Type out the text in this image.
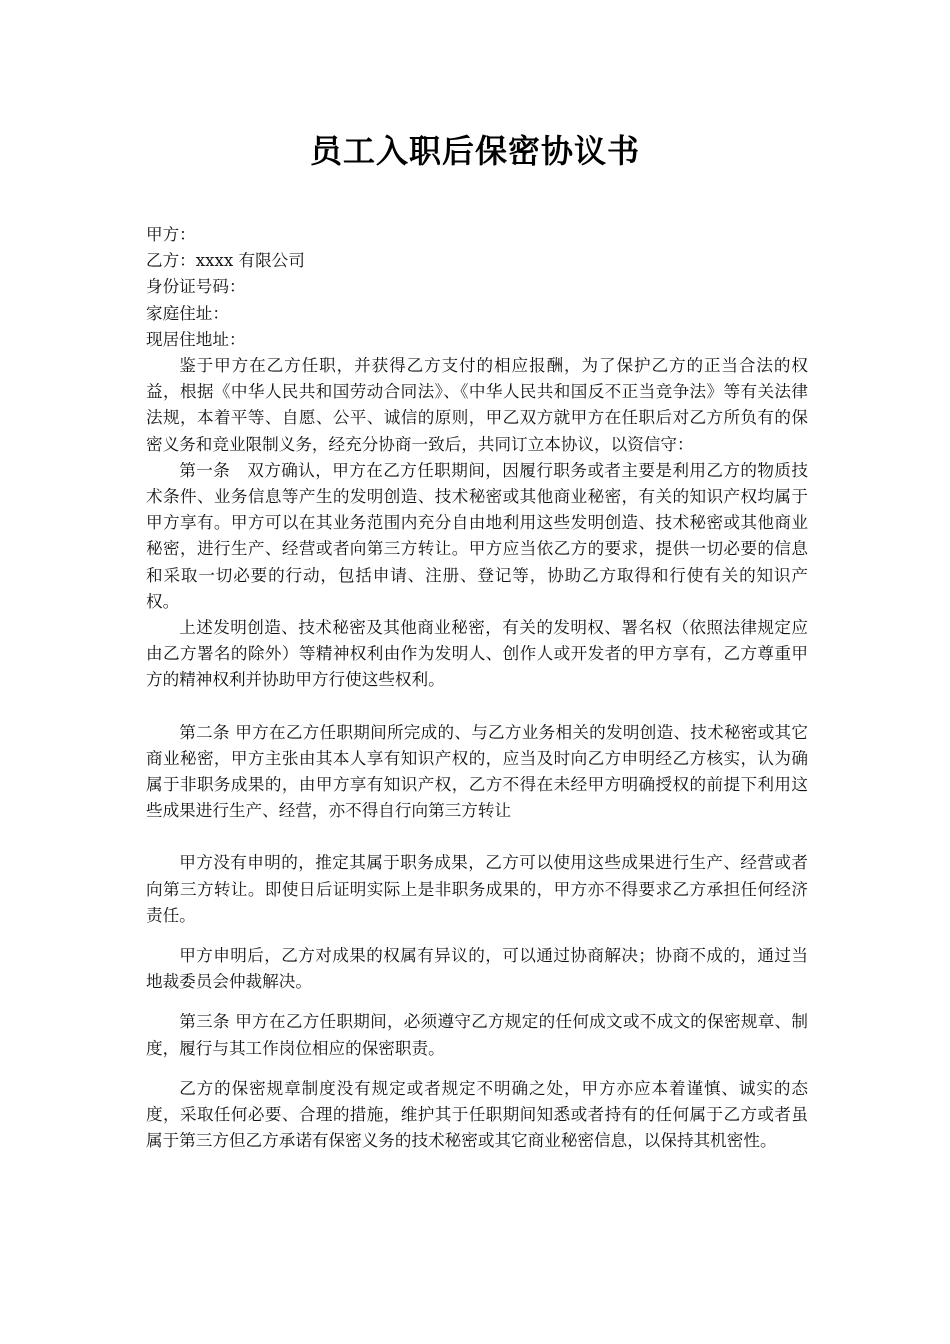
员工入职后保密协议书

甲方：

乙方：xxxx 有限公司

身份证号码：

家庭住址：

现居住地址：

鉴于甲方在乙方任职，并获得乙方支付的相应报酬，为了保护乙方的正当合法的权益，根据《中华人民共和国劳动合同法》、《中华人民共和国反不正当竞争法》等有关法律法规，本着平等、自愿、公平、诚信的原则，甲乙双方就甲方在任职后对乙方所负有的保密义务和竞业限制义务，经充分协商一致后，共同订立本协议，以资信守：

第一条　双方确认，甲方在乙方任职期间，因履行职务或者主要是利用乙方的物质技术条件、业务信息等产生的发明创造、技术秘密或其他商业秘密，有关的知识产权均属于甲方享有。甲方可以在其业务范围内充分自由地利用这些发明创造、技术秘密或其他商业秘密，进行生产、经营或者向第三方转让。甲方应当依乙方的要求，提供一切必要的信息和采取一切必要的行动，包括申请、注册、登记等，协助乙方取得和行使有关的知识产权。

上述发明创造、技术秘密及其他商业秘密，有关的发明权、署名权（依照法律规定应由乙方署名的除外）等精神权利由作为发明人、创作人或开发者的甲方享有，乙方尊重甲方的精神权利并协助甲方行使这些权利。

第二条 甲方在乙方任职期间所完成的、与乙方业务相关的发明创造、技术秘密或其它商业秘密，甲方主张由其本人享有知识产权的，应当及时向乙方申明经乙方核实，认为确属于非职务成果的，由甲方享有知识产权，乙方不得在未经甲方明确授权的前提下利用这些成果进行生产、经营，亦不得自行向第三方转让

甲方没有申明的，推定其属于职务成果，乙方可以使用这些成果进行生产、经营或者向第三方转让。即使日后证明实际上是非职务成果的，甲方亦不得要求乙方承担任何经济责任。

甲方申明后，乙方对成果的权属有异议的，可以通过协商解决；协商不成的，通过当地裁委员会仲裁解决。

第三条 甲方在乙方任职期间，必须遵守乙方规定的任何成文或不成文的保密规章、制度，履行与其工作岗位相应的保密职责。

乙方的保密规章制度没有规定或者规定不明确之处，甲方亦应本着谨慎、诚实的态度，采取任何必要、合理的措施，维护其于任职期间知悉或者持有的任何属于乙方或者虽属于第三方但乙方承诺有保密义务的技术秘密或其它商业秘密信息，以保持其机密性。
